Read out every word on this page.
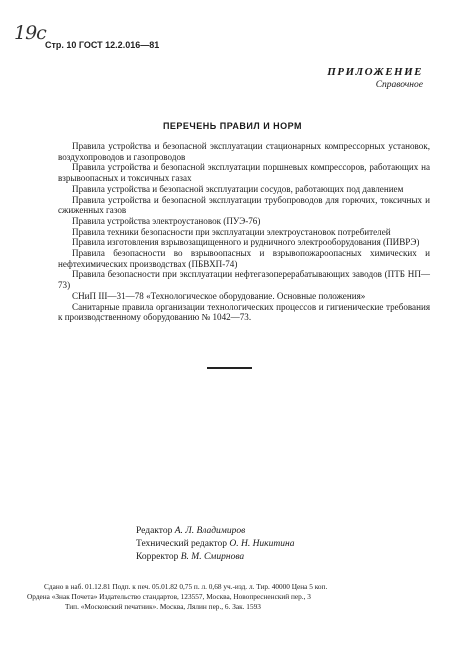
19с
Стр. 10 ГОСТ 12.2.016—81
ПРИЛОЖЕНИЕ
Справочное
ПЕРЕЧЕНЬ ПРАВИЛ И НОРМ

Правила устройства и безопасной эксплуатации стационарных компрессорных установок, воздухопроводов и газопроводов

Правила устройства и безопасной эксплуатации поршневых компрессоров, работающих на взрывоопасных и токсичных газах

Правила устройства и безопасной эксплуатации сосудов, работающих под давлением

Правила устройства и безопасной эксплуатации трубопроводов для горючих, токсичных и сжиженных газов

Правила устройства электроустановок (ПУЭ-76)

Правила техники безопасности при эксплуатации электроустановок потребителей

Правила изготовления взрывозащищенного и рудничного электрооборудования (ПИВРЭ)

Правила безопасности во взрывоопасных и взрывопожароопасных химических и нефтехимических производствах (ПБВХП-74)

Правила безопасности при эксплуатации нефтегазоперерабатывающих заводов (ПТБ НП—73)

СНиП III—31—78 «Технологическое оборудование. Основные положения»

Санитарные правила организации технологических процессов и гигиенические требования к производственному оборудованию № 1042—73.

Редактор А. Л. Владимиров
Технический редактор О. Н. Никитина
Корректор В. М. Смирнова
Сдано в наб. 01.12.81 Подп. к печ. 05.01.82 0,75 п. л. 0,68 уч.-изд. л. Тир. 40000 Цена 5 коп.
Ордена «Знак Почета» Издательство стандартов, 123557, Москва, Новопресненский пер., 3
Тип. «Московский печатник». Москва, Лялин пер., 6. Зак. 1593
